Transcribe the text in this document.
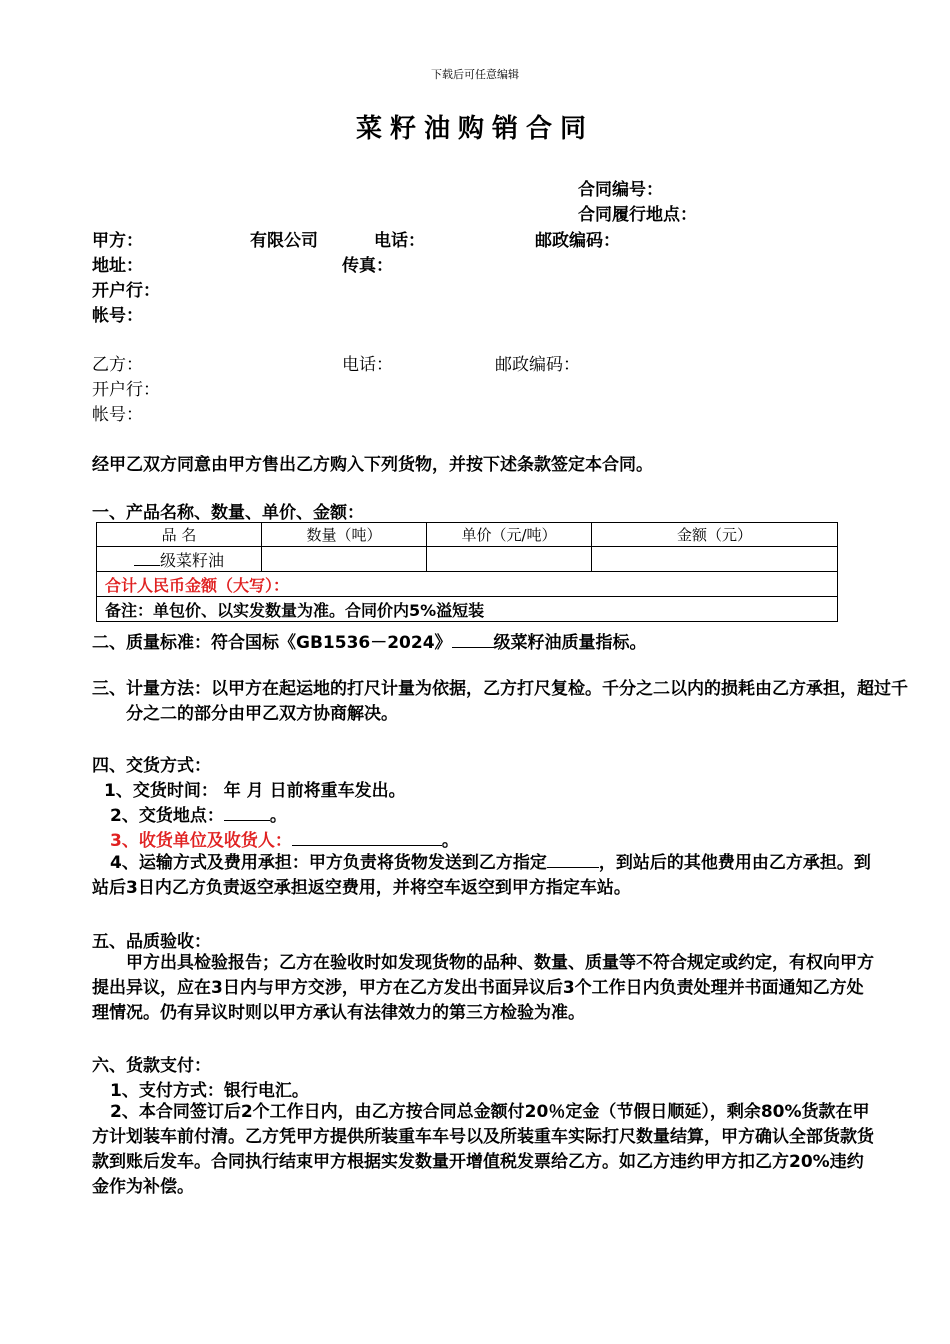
下载后可任意编辑
菜籽油购销合同
合同编号：
合同履行地点：
甲方：	有限公司	电话：	邮政编码：
地址：	传真：
开户行：
帐号：
乙方：	电话：	邮政编码：
开户行：
帐号：
经甲乙双方同意由甲方售出乙方购入下列货物，并按下述条款签定本合同。
一、产品名称、数量、单价、金额：
品 名	数量（吨）	单价（元/吨）	金额（元）
级菜籽油			
合计人民币金额（大写）：			
备注：单包价、以实发数量为准。合同价内5%溢短装			
二、质量标准：符合国标《GB1536－2024》 级菜籽油质量指标。
三、计量方法：以甲方在起运地的打尺计量为依据，乙方打尺复检。千分之二以内的损耗由乙方承担，超过千分之二的部分由甲乙双方协商解决。
四、交货方式：
1、交货时间： 年 月 日前将重车发出。
2、交货地点：	。
3、收货单位及收货人：	。
4、运输方式及费用承担：甲方负责将货物发送到乙方指定	，到站后的其他费用由乙方承担。到站后3日内乙方负责返空承担返空费用，并将空车返空到甲方指定车站。
五、品质验收：
甲方出具检验报告；乙方在验收时如发现货物的品种、数量、质量等不符合规定或约定，有权向甲方提出异议，应在3日内与甲方交涉，甲方在乙方发出书面异议后3个工作日内负责处理并书面通知乙方处理情况。仍有异议时则以甲方承认有法律效力的第三方检验为准。
六、货款支付：
1、支付方式：银行电汇。
2、本合同签订后2个工作日内，由乙方按合同总金额付20％定金（节假日顺延），剩余80%货款在甲方计划装车前付清。乙方凭甲方提供所装重车车号以及所装重车实际打尺数量结算，甲方确认全部货款货款到账后发车。合同执行结束甲方根据实发数量开增值税发票给乙方。如乙方违约甲方扣乙方20%违约金作为补偿。
